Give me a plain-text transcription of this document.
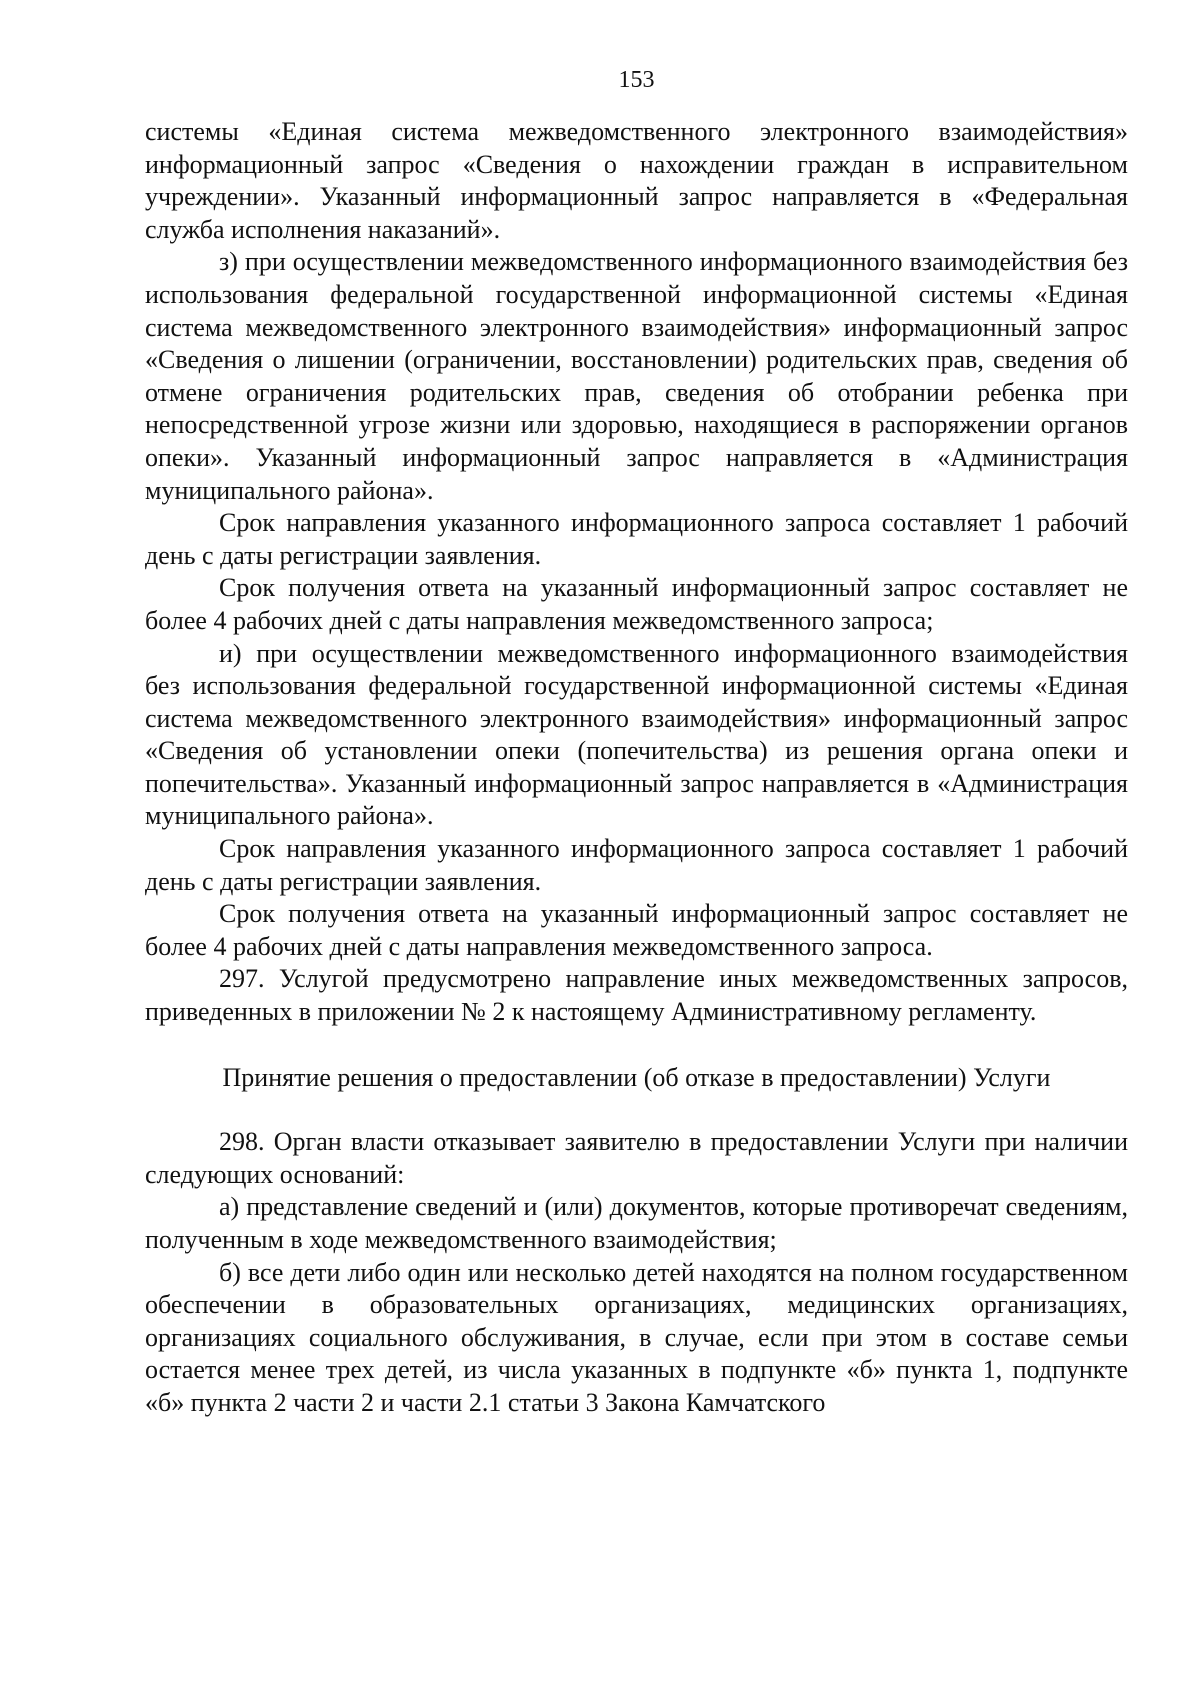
153

системы «Единая система межведомственного электронного взаимодействия» информационный запрос «Сведения о нахождении граждан в исправительном учреждении». Указанный информационный запрос направляется в «Федеральная служба исполнения наказаний».

з) при осуществлении межведомственного информационного взаимодействия без использования федеральной государственной информационной системы «Единая система межведомственного электронного взаимодействия» информационный запрос «Сведения о лишении (ограничении, восстановлении) родительских прав, сведения об отмене ограничения родительских прав, сведения об отобрании ребенка при непосредственной угрозе жизни или здоровью, находящиеся в распоряжении органов опеки». Указанный информационный запрос направляется в «Администрация муниципального района».

Срок направления указанного информационного запроса составляет 1 рабочий день с даты регистрации заявления.

Срок получения ответа на указанный информационный запрос составляет не более 4 рабочих дней с даты направления межведомственного запроса;

и) при осуществлении межведомственного информационного взаимодействия без использования федеральной государственной информационной системы «Единая система межведомственного электронного взаимодействия» информационный запрос «Сведения об установлении опеки (попечительства) из решения органа опеки и попечительства». Указанный информационный запрос направляется в «Администрация муниципального района».

Срок направления указанного информационного запроса составляет 1 рабочий день с даты регистрации заявления.

Срок получения ответа на указанный информационный запрос составляет не более 4 рабочих дней с даты направления межведомственного запроса.

297. Услугой предусмотрено направление иных межведомственных запросов, приведенных в приложении № 2 к настоящему Административному регламенту.

Принятие решения о предоставлении (об отказе в предоставлении) Услуги

298. Орган власти отказывает заявителю в предоставлении Услуги при наличии следующих оснований:

а) представление сведений и (или) документов, которые противоречат сведениям, полученным в ходе межведомственного взаимодействия;

б) все дети либо один или несколько детей находятся на полном государственном обеспечении в образовательных организациях, медицинских организациях, организациях социального обслуживания, в случае, если при этом в составе семьи остается менее трех детей, из числа указанных в подпункте «б» пункта 1, подпункте «б» пункта 2 части 2 и части 2.1 статьи 3 Закона Камчатского
